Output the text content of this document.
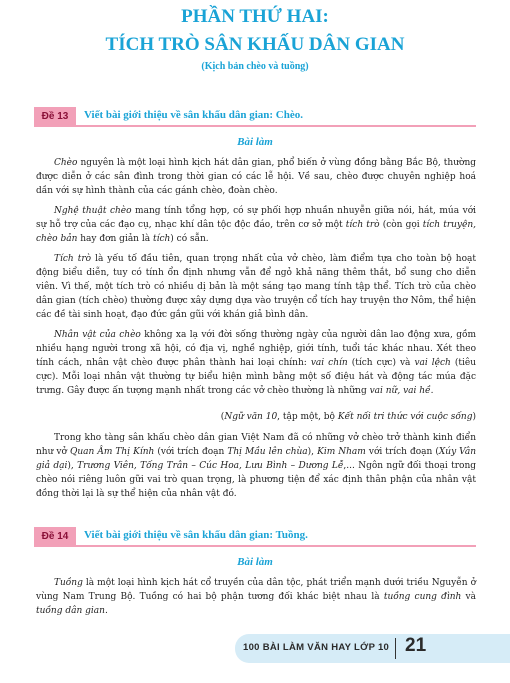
PHẦN THỨ HAI:
TÍCH TRÒ SÂN KHẤU DÂN GIAN
(Kịch bản chèo và tuồng)
Đề 13	Viết bài giới thiệu về sân khấu dân gian: Chèo.
Bài làm
Chèo nguyên là một loại hình kịch hát dân gian, phổ biến ở vùng đồng bằng Bắc Bộ, thường được diễn ở các sân đình trong thời gian có các lễ hội. Về sau, chèo được chuyên nghiệp hoá dần với sự hình thành của các gánh chèo, đoàn chèo.
Nghệ thuật chèo mang tính tổng hợp, có sự phối hợp nhuần nhuyễn giữa nói, hát, múa với sự hỗ trợ của các đạo cụ, nhạc khí dân tộc độc đáo, trên cơ sở một tích trò (còn gọi tích truyện, chèo bản hay đơn giản là tích) có sẵn.
Tích trò là yếu tố đầu tiên, quan trọng nhất của vở chèo, làm điểm tựa cho toàn bộ hoạt động biểu diễn, tuy có tính ổn định nhưng vẫn để ngỏ khả năng thêm thắt, bổ sung cho diễn viên. Vì thế, một tích trò có nhiều dị bản là một sáng tạo mang tính tập thể. Tích trò của chèo dân gian (tích chèo) thường được xây dựng dựa vào truyện cổ tích hay truyện thơ Nôm, thể hiện các đề tài sinh hoạt, đạo đức gắn gũi với khán giả bình dân.
Nhân vật của chèo không xa lạ với đời sống thường ngày của người dân lao động xưa, gồm nhiều hạng người trong xã hội, có địa vị, nghề nghiệp, giới tính, tuổi tác khác nhau. Xét theo tính cách, nhân vật chèo được phân thành hai loại chính: vai chín (tích cực) và vai lệch (tiêu cực). Mỗi loại nhân vật thường tự biểu hiện mình bằng một số điệu hát và động tác múa đặc trưng. Gây được ấn tượng mạnh nhất trong các vở chèo thường là những vai nữ, vai hề.
(Ngữ văn 10, tập một, bộ Kết nối tri thức với cuộc sống)
Trong kho tàng sân khấu chèo dân gian Việt Nam đã có những vở chèo trở thành kinh điển như vở Quan Âm Thị Kính (với trích đoạn Thị Mầu lên chùa), Kim Nham với trích đoạn (Xúy Vân giả dại), Trương Viên, Tống Trân – Cúc Hoa, Lưu Bình – Dương Lễ,... Ngôn ngữ đối thoại trong chèo nói riêng luôn gữi vai trò quan trọng, là phương tiện để xác định thân phận của nhân vật đồng thời lại là sự thể hiện của nhân vật đó.
Đề 14	Viết bài giới thiệu về sân khấu dân gian: Tuồng.
Bài làm
Tuồng là một loại hình kịch hát cổ truyền của dân tộc, phát triển mạnh dưới triều Nguyễn ở vùng Nam Trung Bộ. Tuồng có hai bộ phận tương đối khác biệt nhau là tuồng cung đình và tuồng dân gian.
100 BÀI LÀM VĂN HAY LỚP 10 21
